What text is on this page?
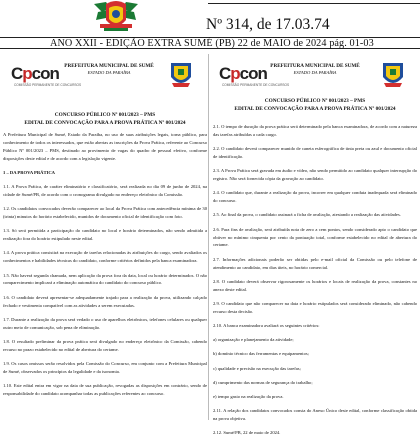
Nº 314, de 17.03.74
ANO XXII - EDIÇÃO EXTRA SUMÉ (PB) 22 de MAIO de 2024 pág. 01-03
Cpcon
COMISSÃO PERMANENTE DE CONCURSOS
PREFEITURA MUNICIPAL DE SUMÉ
ESTADO DA PARAÍBA
CONCURSO PÚBLICO Nº 001/2023 – PMS
EDITAL DE CONVOCAÇÃO PARA A PROVA PRÁTICA Nº 001/2024

A Prefeitura Municipal de Sumé, Estado da Paraíba, no uso de suas atribuições legais, torna público, para conhecimento de todos os interessados, que estão abertas as inscrições da Prova Prática, referente ao Concurso Público Nº 001/2023 – PMS, destinado ao provimento de vagas do quadro de pessoal efetivo, conforme disposições deste edital e de acordo com a legislação vigente.

1 – DA PROVA PRÁTICA

1.1. A Prova Prática, de caráter eliminatório e classificatório, será realizada no dia 09 de junho de 2024, na cidade de Sumé/PB, de acordo com o cronograma divulgado no endereço eletrônico da Comissão.

1.2. Os candidatos convocados deverão comparecer ao local da Prova Prática com antecedência mínima de 30 (trinta) minutos do horário estabelecido, munidos de documento oficial de identificação com foto.

1.3. Só será permitida a participação do candidato no local e horário determinados, não sendo admitida a realização fora do horário estipulado neste edital.

1.4. A prova prática consistirá na execução de tarefas relacionadas às atribuições do cargo, sendo avaliados os conhecimentos e habilidades técnicas do candidato, conforme critérios definidos pela banca examinadora.

1.5. Não haverá segunda chamada, nem aplicação da prova fora da data, local ou horário determinados. O não comparecimento implicará a eliminação automática do candidato do concurso público.

1.6. O candidato deverá apresentar-se adequadamente trajado para a realização da prova, utilizando calçado fechado e vestimenta compatível com as atividades a serem executadas.

1.7. Durante a realização da prova será vedado o uso de aparelhos eletrônicos, telefones celulares ou qualquer outro meio de comunicação, sob pena de eliminação.

1.8. O resultado preliminar da prova prática será divulgado no endereço eletrônico da Comissão, cabendo recurso no prazo estabelecido no edital de abertura do certame.

1.9. Os casos omissos serão resolvidos pela Comissão do Concurso, em conjunto com a Prefeitura Municipal de Sumé, observados os princípios da legalidade e da isonomia.

1.10. Este edital entra em vigor na data de sua publicação, revogadas as disposições em contrário, sendo de responsabilidade do candidato acompanhar todas as publicações referentes ao concurso.

Cpcon
COMISSÃO PERMANENTE DE CONCURSOS
PREFEITURA MUNICIPAL DE SUMÉ
ESTADO DA PARAÍBA
CONCURSO PÚBLICO Nº 001/2023 – PMS
EDITAL DE CONVOCAÇÃO PARA A PROVA PRÁTICA Nº 001/2024

2.1. O tempo de duração da prova prática será determinado pela banca examinadora, de acordo com a natureza das tarefas atribuídas a cada cargo.

2.2. O candidato deverá comparecer munido de caneta esferográfica de tinta preta ou azul e documento oficial de identificação.

2.3. A Prova Prática será gravada em áudio e vídeo, não sendo permitido ao candidato qualquer interrupção do registro. Não será fornecida cópia da gravação ao candidato.

2.4. O candidato que, durante a realização da prova, incorrer em qualquer conduta inadequada será eliminado do concurso.

2.5. Ao final da prova, o candidato assinará a ficha de avaliação, atestando a realização das atividades.

2.6. Para fins de avaliação, será atribuída nota de zero a cem pontos, sendo considerado apto o candidato que obtiver no mínimo cinquenta por cento da pontuação total, conforme estabelecido no edital de abertura do certame.

2.7. Informações adicionais poderão ser obtidas pelo e-mail oficial da Comissão ou pelo telefone de atendimento ao candidato, em dias úteis, no horário comercial.

2.8. O candidato deverá observar rigorosamente os horários e locais de realização da prova, constantes no anexo deste edital.

2.9. O candidato que não comparecer na data e horário estipulados será considerado eliminado, não cabendo recurso desta decisão.

2.10. A banca examinadora avaliará os seguintes critérios:

a) organização e planejamento da atividade;

b) domínio técnico das ferramentas e equipamentos;

c) qualidade e precisão na execução das tarefas;

d) cumprimento das normas de segurança do trabalho;

e) tempo gasto na realização da prova.

2.11. A relação dos candidatos convocados consta do Anexo Único deste edital, conforme classificação obtida na prova objetiva.

2.12. Sumé/PB, 22 de maio de 2024.
